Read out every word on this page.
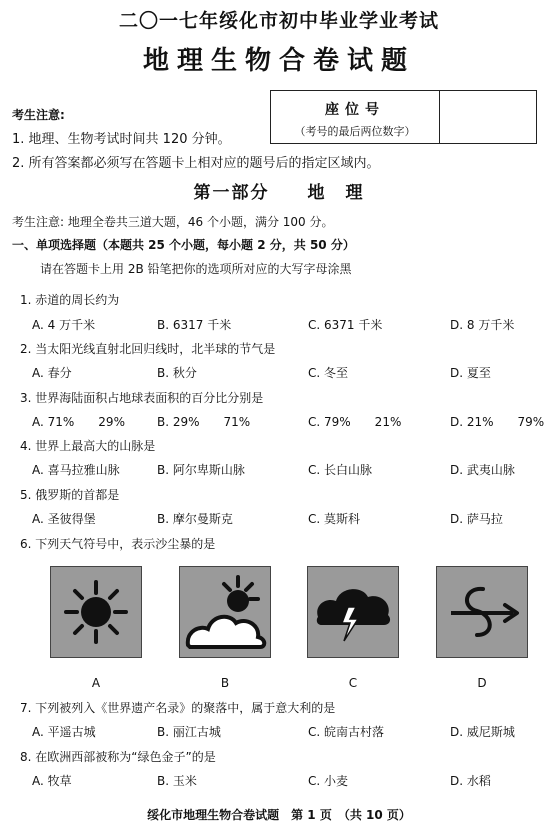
二〇一七年绥化市初中毕业学业考试
地理生物合卷试题
座位号
（考号的最后两位数字）
考生注意:
1. 地理、生物考试时间共 120 分钟。
2. 所有答案都必须写在答题卡上相对应的题号后的指定区域内。
第一部分　　地　理
考生注意: 地理全卷共三道大题，46 个小题，满分 100 分。
一、单项选择题（本题共 25 个小题，每小题 2 分，共 50 分）
请在答题卡上用 2B 铅笔把你的选项所对应的大写字母涂黑
1. 赤道的周长约为
A. 4 万千米	B. 6317 千米	C. 6371 千米	D. 8 万千米
2. 当太阳光线直射北回归线时，北半球的节气是
A. 春分	B. 秋分	C. 冬至	D. 夏至
3. 世界海陆面积占地球表面积的百分比分别是
A. 71%　　29%	B. 29%　　71%	C. 79%　　21%	D. 21%　　79%
4. 世界上最高大的山脉是
A. 喜马拉雅山脉	B. 阿尔卑斯山脉	C. 长白山脉	D. 武夷山脉
5. 俄罗斯的首都是
A. 圣彼得堡	B. 摩尔曼斯克	C. 莫斯科	D. 萨马拉
6. 下列天气符号中，表示沙尘暴的是
A	B	C	D
7. 下列被列入《世界遗产名录》的聚落中，属于意大利的是
A. 平遥古城	B. 丽江古城	C. 皖南古村落	D. 威尼斯城
8. 在欧洲西部被称为“绿色金子”的是
A. 牧草	B. 玉米	C. 小麦	D. 水稻
绥化市地理生物合卷试题　第 1 页　（共 10 页）
